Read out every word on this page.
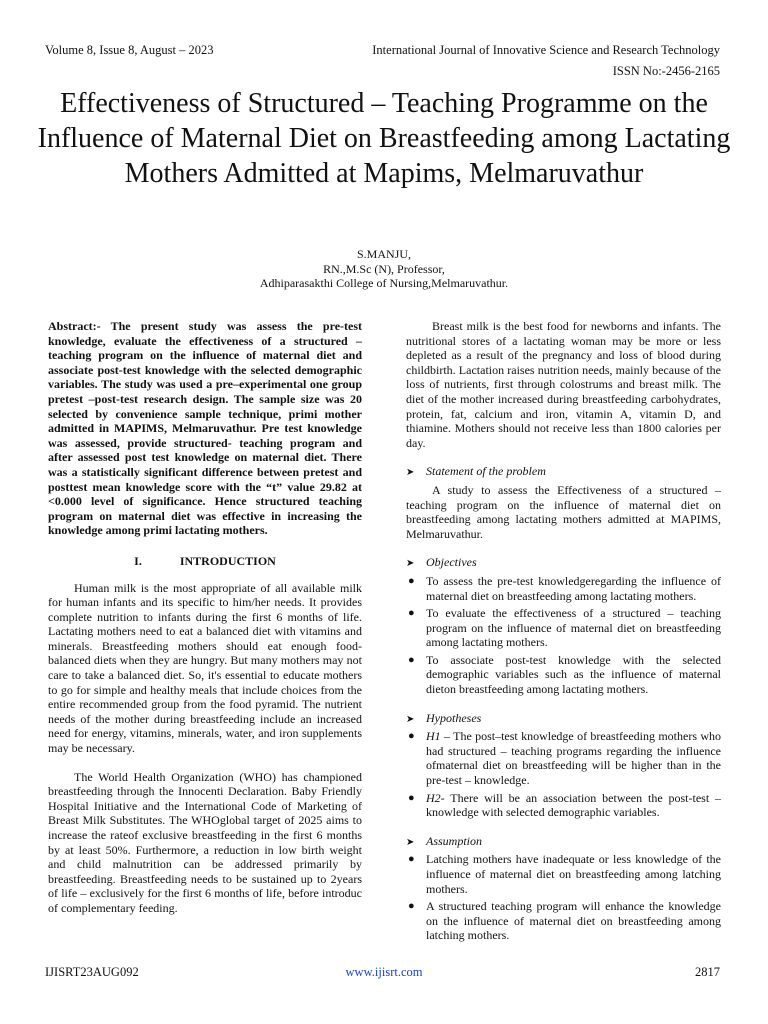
Volume 8, Issue 8, August – 2023	International Journal of Innovative Science and Research Technology
ISSN No:-2456-2165
Effectiveness of Structured – Teaching Programme on the Influence of Maternal Diet on Breastfeeding among Lactating Mothers Admitted at Mapims, Melmaruvathur
S.MANJU,
RN.,M.Sc (N), Professor,
Adhiparasakthi College of Nursing,Melmaruvathur.

Abstract:- The present study was assess the pre-test knowledge, evaluate the effectiveness of a structured – teaching program on the influence of maternal diet and associate post-test knowledge with the selected demographic variables. The study was used a pre–experimental one group pretest –post-test research design. The sample size was 20 selected by convenience sample technique, primi mother admitted in MAPIMS, Melmaruvathur. Pre test knowledge was assessed, provide structured- teaching program and after assessed post test knowledge on maternal diet. There was a statistically significant difference between pretest and posttest mean knowledge score with the “t” value 29.82 at <0.000 level of significance. Hence structured teaching program on maternal diet was effective in increasing the knowledge among primi lactating mothers.

I.	INTRODUCTION

Human milk is the most appropriate of all available milk for human infants and its specific to him/her needs. It provides complete nutrition to infants during the first 6 months of life. Lactating mothers need to eat a balanced diet with vitamins and minerals. Breastfeeding mothers should eat enough food-balanced diets when they are hungry. But many mothers may not care to take a balanced diet. So, it's essential to educate mothers to go for simple and healthy meals that include choices from the entire recommended group from the food pyramid. The nutrient needs of the mother during breastfeeding include an increased need for energy, vitamins, minerals, water, and iron supplements may be necessary.

The World Health Organization (WHO) has championed breastfeeding through the Innocenti Declaration. Baby Friendly Hospital Initiative and the International Code of Marketing of Breast Milk Substitutes. The WHOglobal target of 2025 aims to increase the rateof exclusive breastfeeding in the first 6 months by at least 50%. Furthermore, a reduction in low birth weight and child malnutrition can be addressed primarily by breastfeeding. Breastfeeding needs to be sustained up to 2years of life – exclusively for the first 6 months of life, before introduc of complementary feeding.

Breast milk is the best food for newborns and infants. The nutritional stores of a lactating woman may be more or less depleted as a result of the pregnancy and loss of blood during childbirth. Lactation raises nutrition needs, mainly because of the loss of nutrients, first through colostrums and breast milk. The diet of the mother increased during breastfeeding carbohydrates, protein, fat, calcium and iron, vitamin A, vitamin D, and thiamine. Mothers should not receive less than 1800 calories per day.

➤ Statement of the problem

A study to assess the Effectiveness of a structured – teaching program on the influence of maternal diet on breastfeeding among lactating mothers admitted at MAPIMS, Melmaruvathur.

➤ Objectives
● To assess the pre-test knowledgeregarding the influence of maternal diet on breastfeeding among lactating mothers.
● To evaluate the effectiveness of a structured – teaching program on the influence of maternal diet on breastfeeding among lactating mothers.
● To associate post-test knowledge with the selected demographic variables such as the influence of maternal dieton breastfeeding among lactating mothers.
➤ Hypotheses
● H1 – The post–test knowledge of breastfeeding mothers who had structured – teaching programs regarding the influence ofmaternal diet on breastfeeding will be higher than in the pre-test – knowledge.
● H2- There will be an association between the post-test – knowledge with selected demographic variables.
➤ Assumption
● Latching mothers have inadequate or less knowledge of the influence of maternal diet on breastfeeding among latching mothers.
● A structured teaching program will enhance the knowledge on the influence of maternal diet on breastfeeding among latching mothers.
IJISRT23AUG092	www.ijisrt.com	2817
